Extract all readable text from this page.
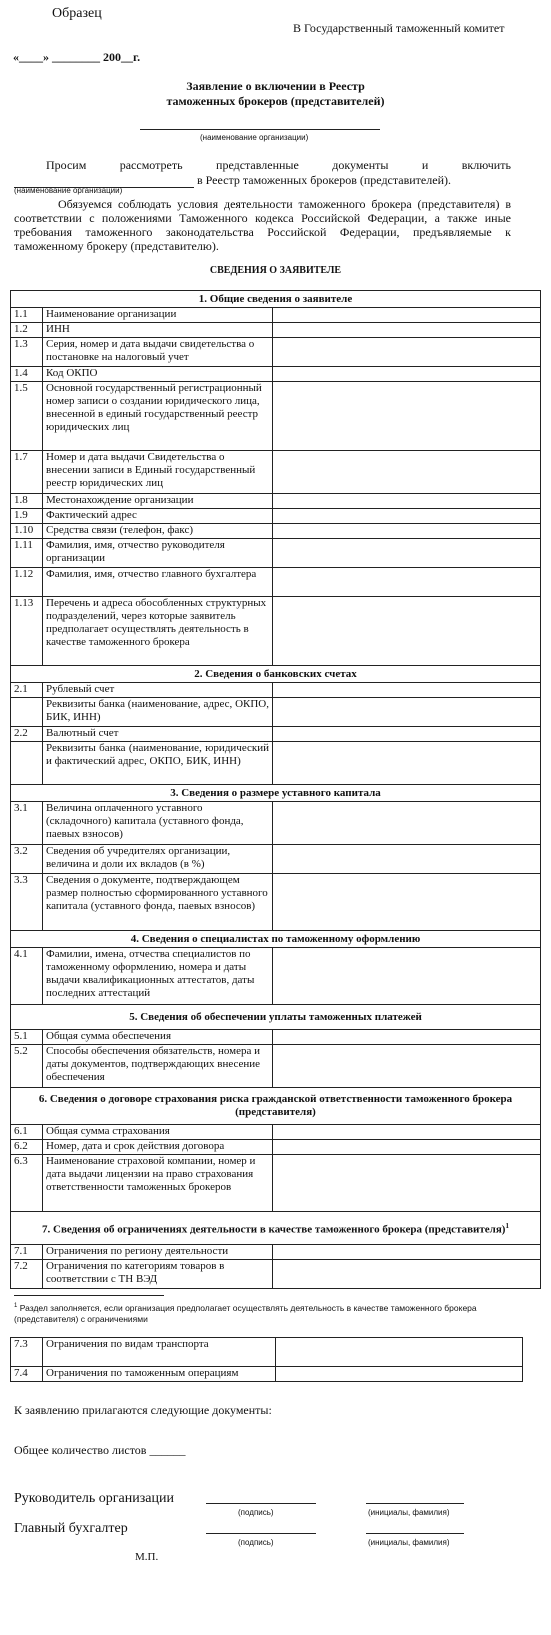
Образец
В Государственный таможенный комитет
«____» ________ 200__г.
Заявление о включении в Реестр
таможенных брокеров (представителей)
(наименование организации)
Просим	рассмотреть	представленные	документы	и	включить
в Реестр таможенных брокеров (представителей).
(наименование организации)
Обязуемся соблюдать условия деятельности таможенного брокера (представителя) в соответствии с положениями Таможенного кодекса Российской Федерации, а также иные требования таможенного законодательства Российской Федерации, предъявляемые к таможенному брокеру (представителю).
СВЕДЕНИЯ О ЗАЯВИТЕЛЕ
1. Общие сведения о заявителе		
1.1	Наименование организации	
1.2	ИНН	
1.3	Серия, номер и дата выдачи свидетельства о постановке на налоговый учет	
1.4	Код ОКПО	
1.5	Основной государственный регистрационный номер записи о создании юридического лица, внесенной в единый государственный реестр юридических лиц	
1.7	Номер и дата выдачи Свидетельства о внесении записи в Единый государственный реестр юридических лиц	
1.8	Местонахождение организации	
1.9	Фактический адрес	
1.10	Средства связи (телефон, факс)	
1.11	Фамилия, имя, отчество руководителя организации	
1.12	Фамилия, имя, отчество главного бухгалтера	
1.13	Перечень и адреса обособленных структурных подразделений, через которые заявитель предполагает осуществлять деятельность в качестве таможенного брокера	
2. Сведения о банковских счетах		
2.1	Рублевый счет	
	Реквизиты банка (наименование, адрес, ОКПО, БИК, ИНН)	
2.2	Валютный счет	
	Реквизиты банка (наименование, юридический и фактический адрес, ОКПО, БИК, ИНН)	
3. Сведения о размере уставного капитала		
3.1	Величина оплаченного уставного (складочного) капитала (уставного фонда, паевых взносов)	
3.2	Сведения об учредителях организации, величина и доли их вкладов (в %)	
3.3	Сведения о документе, подтверждающем размер полностью сформированного уставного капитала (уставного фонда, паевых взносов)	
4. Сведения о специалистах по таможенному оформлению		
4.1	Фамилии, имена, отчества специалистов по таможенному оформлению, номера и даты выдачи квалификационных аттестатов, даты последних аттестаций	
5. Сведения об обеспечении уплаты таможенных платежей		
5.1	Общая сумма обеспечения	
5.2	Способы обеспечения обязательств, номера и даты документов, подтверждающих внесение обеспечения	
6. Сведения о договоре страхования риска гражданской ответственности таможенного брокера (представителя)		
6.1	Общая сумма страхования	
6.2	Номер, дата и срок действия договора	
6.3	Наименование страховой компании, номер и дата выдачи лицензии на право страхования ответственности таможенных брокеров	
7. Сведения об ограничениях деятельности в качестве таможенного брокера (представителя)$^1$
7.1	Ограничения по региону деятельности	
7.2	Ограничения по категориям товаров в соответствии с ТН ВЭД	
$^1$ Раздел заполняется, если организация предполагает осуществлять деятельность в качестве таможенного брокера (представителя) с ограничениями
7.3	Ограничения по видам транспорта	
7.4	Ограничения по таможенным операциям	
К заявлению прилагаются следующие документы:
Общее количество листов ______
Руководитель организации
(подпись)	(инициалы, фамилия)
Главный бухгалтер
(подпись)	(инициалы, фамилия)
М.П.
